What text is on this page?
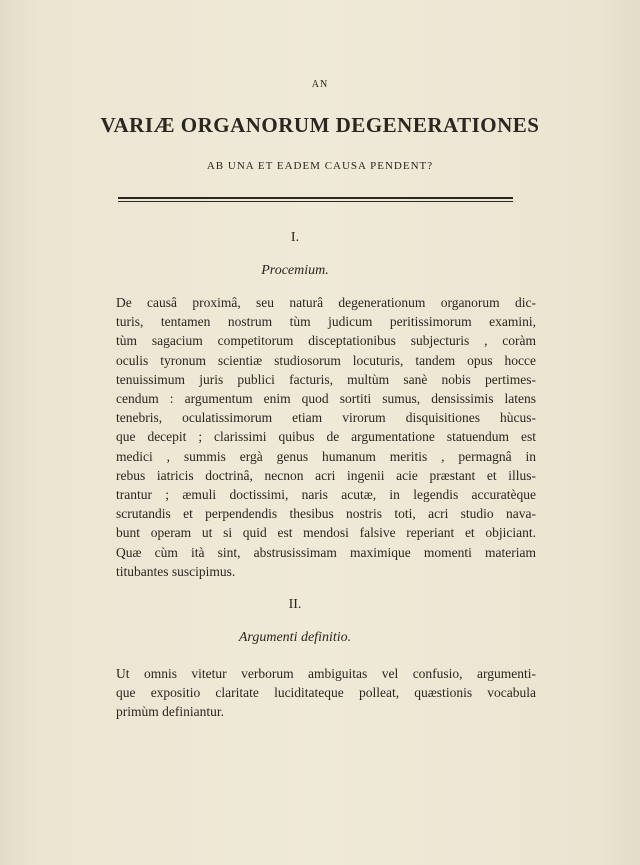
AN
VARIÆ ORGANORUM DEGENERATIONES
AB UNA ET EADEM CAUSA PENDENT?
I.
Procemium.
De causâ proximâ, seu naturâ degenerationum organorum dic-
turis, tentamen nostrum tùm judicum peritissimorum examini,
tùm sagacium competitorum disceptationibus subjecturis , coràm
oculis tyronum scientiæ studiosorum locuturis, tandem opus hocce
tenuissimum juris publici facturis, multùm sanè nobis pertimes-
cendum : argumentum enim quod sortiti sumus, densissimis latens
tenebris, oculatissimorum etiam virorum disquisitiones hùcus-
que decepit ; clarissimi quibus de argumentatione statuendum est
medici , summis ergà genus humanum meritis , permagnâ in
rebus iatricis doctrinâ, necnon acri ingenii acie præstant et illus-
trantur ; æmuli doctissimi, naris acutæ, in legendis accuratèque
scrutandis et perpendendis thesibus nostris toti, acri studio nava-
bunt operam ut si quid est mendosi falsive reperiant et objiciant.
Quæ cùm ità sint, abstrusissimam maximique momenti materiam
titubantes suscipimus.
II.
Argumenti definitio.
Ut omnis vitetur verborum ambiguitas vel confusio, argumenti-
que expositio claritate luciditateque polleat, quæstionis vocabula
primùm definiantur.
